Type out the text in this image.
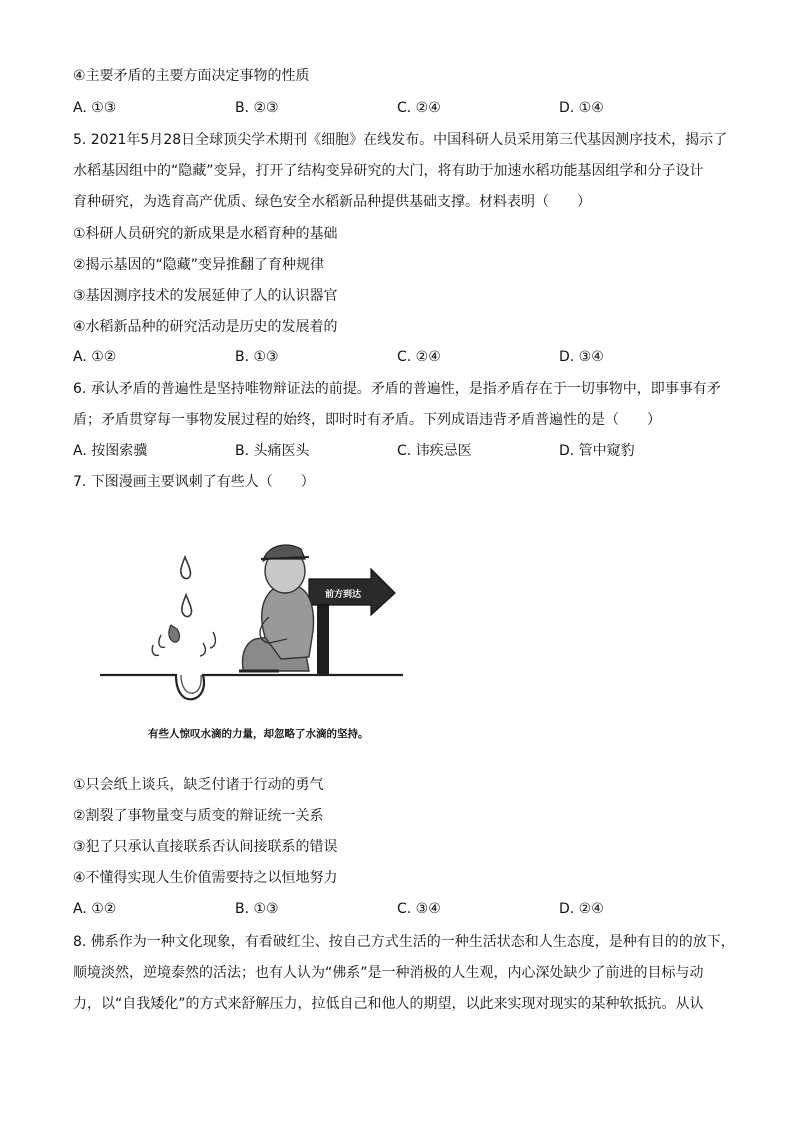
④主要矛盾的主要方面决定事物的性质
A. ①③	B. ②③	C. ②④	D. ①④
5. 2021年5月28日全球顶尖学术期刊《细胞》在线发布。中国科研人员采用第三代基因测序技术，揭示了
水稻基因组中的“隐藏”变异，打开了结构变异研究的大门，将有助于加速水稻功能基因组学和分子设计
育种研究，为选育高产优质、绿色安全水稻新品种提供基础支撑。材料表明（　　）
①科研人员研究的新成果是水稻育种的基础
②揭示基因的“隐藏”变异推翻了育种规律
③基因测序技术的发展延伸了人的认识器官
④水稻新品种的研究活动是历史的发展着的
A. ①②	B. ①③	C. ②④	D. ③④
6. 承认矛盾的普遍性是坚持唯物辩证法的前提。矛盾的普遍性，是指矛盾存在于一切事物中，即事事有矛
盾；矛盾贯穿每一事物发展过程的始终，即时时有矛盾。下列成语违背矛盾普遍性的是（　　）
A. 按图索骥	B. 头痛医头	C. 讳疾忌医	D. 管中窥豹
7. 下图漫画主要讽刺了有些人（　　）
前方到达
有些人惊叹水滴的力量，却忽略了水滴的坚持。
①只会纸上谈兵，缺乏付诸于行动的勇气
②割裂了事物量变与质变的辩证统一关系
③犯了只承认直接联系否认间接联系的错误
④不懂得实现人生价值需要持之以恒地努力
A. ①②	B. ①③	C. ③④	D. ②④
8. 佛系作为一种文化现象，有看破红尘、按自己方式生活的一种生活状态和人生态度，是种有目的的放下，
顺境淡然，逆境泰然的活法；也有人认为“佛系”是一种消极的人生观，内心深处缺少了前进的目标与动
力，以“自我矮化”的方式来舒解压力，拉低自己和他人的期望，以此来实现对现实的某种软抵抗。从认
